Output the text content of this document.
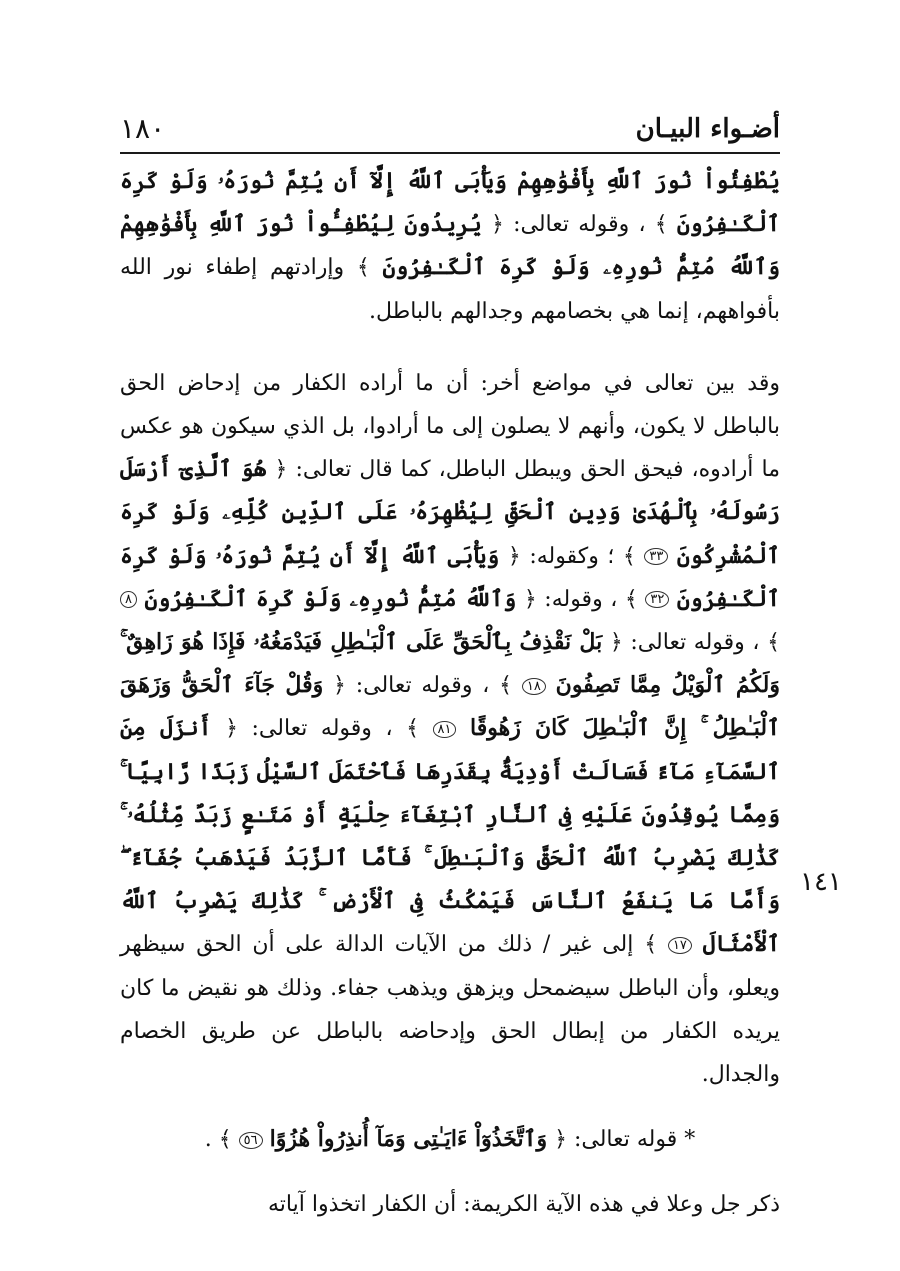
أضـواء البيـان
١٨٠
١٤١

يُطْفِئُواْ نُورَ ٱللَّهِ بِأَفْوَٰهِهِمْ وَيَأْبَى ٱللَّهُ إِلَّآ أَن يُتِمَّ نُورَهُۥ وَلَوْ كَرِهَ ٱلْكَـٰفِرُونَ ﴾ ، وقوله تعالى: ﴿ يُرِيدُونَ لِيُطْفِـُٔواْ نُورَ ٱللَّهِ بِأَفْوَٰهِهِمْ وَٱللَّهُ مُتِمُّ نُورِهِۦ وَلَوْ كَرِهَ ٱلْكَـٰفِرُونَ ﴾ وإرادتهم إطفاء نور الله بأفواههم، إنما هي بخصامهم وجدالهم بالباطل.

وقد بين تعالى في مواضع أخر: أن ما أراده الكفار من إدحاض الحق بالباطل لا يكون، وأنهم لا يصلون إلى ما أرادوا، بل الذي سيكون هو عكس ما أرادوه، فيحق الحق ويبطل الباطل، كما قال تعالى: ﴿ هُوَ ٱلَّذِىٓ أَرْسَلَ رَسُولَهُۥ بِٱلْهُدَىٰ وَدِينِ ٱلْحَقِّ لِيُظْهِرَهُۥ عَلَى ٱلدِّينِ كُلِّهِۦ وَلَوْ كَرِهَ ٱلْمُشْرِكُونَ ٣٣ ﴾ ؛ وكقوله: ﴿ وَيَأْبَى ٱللَّهُ إِلَّآ أَن يُتِمَّ نُورَهُۥ وَلَوْ كَرِهَ ٱلْكَـٰفِرُونَ ٣٢ ﴾ ، وقوله: ﴿ وَٱللَّهُ مُتِمُّ نُورِهِۦ وَلَوْ كَرِهَ ٱلْكَـٰفِرُونَ ٨ ﴾ ، وقوله تعالى: ﴿ بَلْ نَقْذِفُ بِٱلْحَقِّ عَلَى ٱلْبَـٰطِلِ فَيَدْمَغُهُۥ فَإِذَا هُوَ زَاهِقٌ ۚ وَلَكُمُ ٱلْوَيْلُ مِمَّا تَصِفُونَ ١٨ ﴾ ، وقوله تعالى: ﴿ وَقُلْ جَآءَ ٱلْحَقُّ وَزَهَقَ ٱلْبَـٰطِلُ ۚ إِنَّ ٱلْبَـٰطِلَ كَانَ زَهُوقًا ٨١ ﴾ ، وقوله تعالى: ﴿ أَنزَلَ مِنَ ٱلسَّمَآءِ مَآءً فَسَالَتْ أَوْدِيَةٌۢ بِقَدَرِهَا فَٱحْتَمَلَ ٱلسَّيْلُ زَبَدًا رَّابِيًا ۚ وَمِمَّا يُوقِدُونَ عَلَيْهِ فِى ٱلنَّارِ ٱبْتِغَآءَ حِلْيَةٍ أَوْ مَتَـٰعٍ زَبَدٌ مِّثْلُهُۥ ۚ كَذَٰلِكَ يَضْرِبُ ٱللَّهُ ٱلْحَقَّ وَٱلْبَـٰطِلَ ۚ فَأَمَّا ٱلزَّبَدُ فَيَذْهَبُ جُفَآءً ۖ وَأَمَّا مَا يَنفَعُ ٱلنَّاسَ فَيَمْكُثُ فِى ٱلْأَرْضِ ۚ كَذَٰلِكَ يَضْرِبُ ٱللَّهُ ٱلْأَمْثَالَ ١٧ ﴾ إلى غير / ذلك من الآيات الدالة على أن الحق سيظهر ويعلو، وأن الباطل سيضمحل ويزهق ويذهب جفاء. وذلك هو نقيض ما كان يريده الكفار من إبطال الحق وإدحاضه بالباطل عن طريق الخصام والجدال.

* قوله تعالى: ﴿ وَٱتَّخَذُوٓاْ ءَايَـٰتِى وَمَآ أُنذِرُواْ هُزُوًا ٥٦ ﴾ .

ذكر جل وعلا في هذه الآية الكريمة: أن الكفار اتخذوا آياته
